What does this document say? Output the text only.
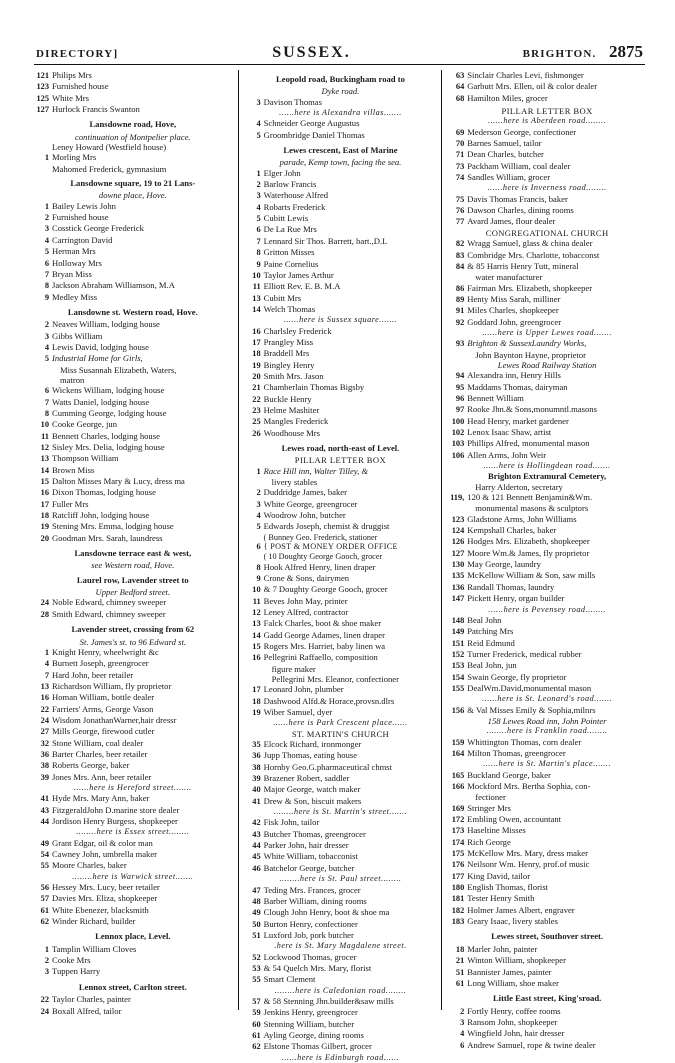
DIRECTORY]	SUSSEX.	BRIGHTON. 2875
121 Philips Mrs
123 Furnished house
125 White Mrs
127 Hurlock Francis Swanton
Lansdowne road, Hove,
continuation of Montpelier place.
Leney Howard (Westfield house)
1 Morling Mrs
Mahomed Frederick, gymnasium
Lansdowne square, 19 to 21 Lans-
downe place, Hove.
1 Bailey Lewis John
2 Furnished house
3 Cosstick George Frederick
4 Carrington David
5 Herman Mrs
6 Holloway Mrs
7 Bryan Miss
8 Jackson Abraham Williamson, M.A
9 Medley Miss
Lansdowne st. Western road, Hove.
2 Neaves William, lodging house
3 Gibbs William
4 Lewis David, lodging house
5 Industrial Home for Girls,
Miss Susannah Elizabeth, Waters,
matron
6 Wickens William, lodging house
7 Watts Daniel, lodging house
8 Cumming George, lodging house
10 Cooke George, jun
11 Bennett Charles, lodging house
12 Sisley Mrs. Delia, lodging house
13 Thompson William
14 Brown Miss
15 Dalton Misses Mary & Lucy, dress ma
16 Dixon Thomas, lodging house
17 Fuller Mrs
18 Ratcliff John, lodging house
19 Stening Mrs. Emma, lodging house
20 Goodman Mrs. Sarah, laundress
Lansdowne terrace east & west,
see Western road, Hove.
Laurel row, Lavender street to
Upper Bedford street.
24 Noble Edward, chimney sweeper
28 Smith Edward, chimney sweeper
Lavender street, crossing from 62
St. James's st. to 96 Edward st.
1 Knight Henry, wheelwright &c
4 Burnett Joseph, greengrocer
7 Hard John, beer retailer
13 Richardson William, fly proprietor
16 Homan William, bottle dealer
22 Farriers' Arms, George Vason
24 Wisdom JonathanWarner,hair dressr
27 Mills George, firewood cutler
32 Stone William, coal dealer
36 Barter Charles, beer retailer
38 Roberts George, baker
39 Jones Mrs. Ann, beer retailer
......here is Hereford street.......
41 Hyde Mrs. Mary Ann, baker
43 FitzgeraldJohn D.marine store dealer
44 Jordison Henry Burgess, shopkeeper
........here is Essex street........
49 Grant Edgar, oil & color man
54 Cawney John, umbrella maker
55 Moore Charles, baker
........here is Warwick street.......
56 Hessey Mrs. Lucy, beer retailer
57 Davies Mrs. Eliza, shopkeeper
61 White Ebenezer, blacksmith
62 Winder Richard, builder
Lennox place, Level.
1 Tamplin William Cloves
2 Cooke Mrs
3 Tuppen Harry
Lennox street, Carlton street.
22 Taylor Charles, painter
24 Boxall Alfred, tailor
Leopold road, Buckingham road to
Dyke road.
3 Davison Thomas
......here is Alexandra villas.......
4 Schneider George Augustus
5 Groombridge Daniel Thomas
Lewes crescent, East of Marine
parade, Kemp town, facing the sea.
1 Elger John
2 Barlow Francis
3 Waterhouse Alfred
4 Robarts Frederick
5 Cubitt Lewis
6 De La Rue Mrs
7 Lennard Sir Thos. Barrett, bart.,D.L
8 Gritton Misses
9 Paine Cornelius
10 Taylor James Arthur
11 Elliott Rev. E. B. M.A
13 Cubitt Mrs
14 Welch Thomas
......here is Sussex square.......
16 Charlsley Frederick
17 Prangley Miss
18 Braddell Mrs
19 Bingley Henry
20 Smith Mrs. Jason
21 Chamberlain Thomas Bigsby
22 Buckle Henry
23 Helme Mashiter
25 Mangles Frederick
26 Woodhouse Mrs
Lewes road, north-east of Level.
PILLAR LETTER BOX
1 Race Hill inn, Walter Tilley, &
livery stables
2 Duddridge James, baker
3 White George, greengrocer
4 Woodrow John, butcher
5 Edwards Joseph, chemist & druggist
6
( Bunney Geo. Frederick, stationer
{ POST & MONEY ORDER OFFICE
( 10 Doughty George Gooch, grocer
8 Hook Alfred Henry, linen draper
9 Crone & Sons, dairymen
10 & 7 Doughty George Gooch, grocer
11 Beves John May, printer
12 Leney Alfred, contractor
13 Falck Charles, boot & shoe maker
14 Gadd George Adames, linen draper
15 Rogers Mrs. Harriet, baby linen wa
16 Pellegrini Raffaello, composition
figure maker
Pellegrini Mrs. Eleanor, confectioner
17 Leonard John, plumber
18 Dashwood Alfd.& Horace,provsn.dlrs
19 Wiber Samuel, dyer
......here is Park Crescent place......
ST. MARTIN'S CHURCH
35 Elcock Richard, ironmonger
36 Jupp Thomas, eating house
38 Hornby Geo.G.pharmaceutical chmst
39 Brazener Robert, saddler
40 Major George, watch maker
41 Drew & Son, biscuit makers
........here is St. Martin's street.......
42 Fisk John, tailor
43 Butcher Thomas, greengrocer
44 Parker John, hair dresser
45 White William, tobacconist
46 Batchelor George, butcher
........here is St. Paul street........
47 Teding Mrs. Frances, grocer
48 Barber William, dining rooms
49 Clough John Henry, boot & shoe ma
50 Burton Henry, confectioner
51 Luxford Job, pork butcher
.here is St. Mary Magdalene street.
52 Lockwood Thomas, grocer
53 & 54 Quelch Mrs. Mary, florist
55 Smart Clement
........here is Caledonian road........
57 & 58 Stenning Jhn.builder&saw mills
59 Jenkins Henry, greengrocer
60 Stenning William, butcher
61 Ayling George, dining rooms
62 Elstone Thomas Gilbert, grocer
......here is Edinburgh road......
63 Sinclair Charles Levi, fishmonger
64 Garbutt Mrs. Ellen, oil & color dealer
68 Hamilton Miles, grocer
PILLAR LETTER BOX
......here is Aberdeen road........
69 Mederson George, confectioner
70 Barnes Samuel, tailor
71 Dean Charles, butcher
73 Packham William, coal dealer
74 Sandles William, grocer
......here is Inverness road........
75 Davis Thomas Francis, baker
76 Dawson Charles, dining rooms
77 Avard James, flour dealer
CONGREGATIONAL CHURCH
82 Wragg Samuel, glass & china dealer
83 Combridge Mrs. Charlotte, tobacconst
84 & 85 Harris Henry Tutt, mineral
water manufacturer
86 Fairman Mrs. Elizabeth, shopkeeper
89 Henty Miss Sarah, milliner
91 Miles Charles, shopkeeper
92 Goddard John, greengrocer
......here is Upper Lewes road.......
93 Brighton & SussexLaundry Works,
John Baynton Hayne, proprietor
Lewes Road Railway Station
94 Alexandra inn, Henry Hills
95 Maddams Thomas, dairyman
96 Bennett William
97 Rooke Jhn.& Sons,monumntl.masons
100 Head Henry, market gardener
102 Lenox Isaac Shaw, artist
103 Phillips Alfred, monumental mason
106 Allen Arms, John Weir
......here is Hollingdean road.......
Brighton Extramural Cemetery,
Harry Alderton, secretary
119, 120 & 121 Bennett Benjamin&Wm.
monumental masons & sculptors
123 Gladstone Arms, John Williams
124 Kempshall Charles, baker
126 Hodges Mrs. Elizabeth, shopkeeper
127 Moore Wm.& James, fly proprietor
130 May George, laundry
135 McKellow William & Son, saw mills
136 Randall Thomas, laundry
147 Pickett Henry, organ builder
......here is Pevensey road........
148 Beal John
149 Patching Mrs
151 Reid Edmund
152 Turner Frederick, medical rubber
153 Beal John, jun
154 Swain George, fly proprietor
155 DealWm.David,monumental mason
......here is St. Leonard's road.......
156 & Val Misses Emily & Sophia,milnrs
158 Lewes Road inn, John Pointer
........here is Franklin road........
159 Whittington Thomas, corn dealer
164 Milton Thomas, greengrocer
......here is St. Martin's place.......
165 Buckland George, baker
166 Mockford Mrs. Bertha Sophia, con-
fectioner
169 Stringer Mrs
172 Embling Owen, accountant
173 Haseltine Misses
174 Rich George
175 McKellow Mrs. Mary, dress maker
176 Neilsonr Wm. Henry, prof.of music
177 King David, tailor
180 English Thomas, florist
181 Tester Henry Smith
182 Holmer James Albert, engraver
183 Geary Isaac, livery stables
Lewes street, Southover street.
18 Marler John, painter
21 Winton William, shopkeeper
51 Bannister James, painter
61 Long William, shoe maker
Little East street, King'sroad.
2 Fortly Henry, coffee rooms
3 Ransom John, shopkeeper
4 Wingfield John, hair dresser
6 Andrew Samuel, rope & twine dealer
